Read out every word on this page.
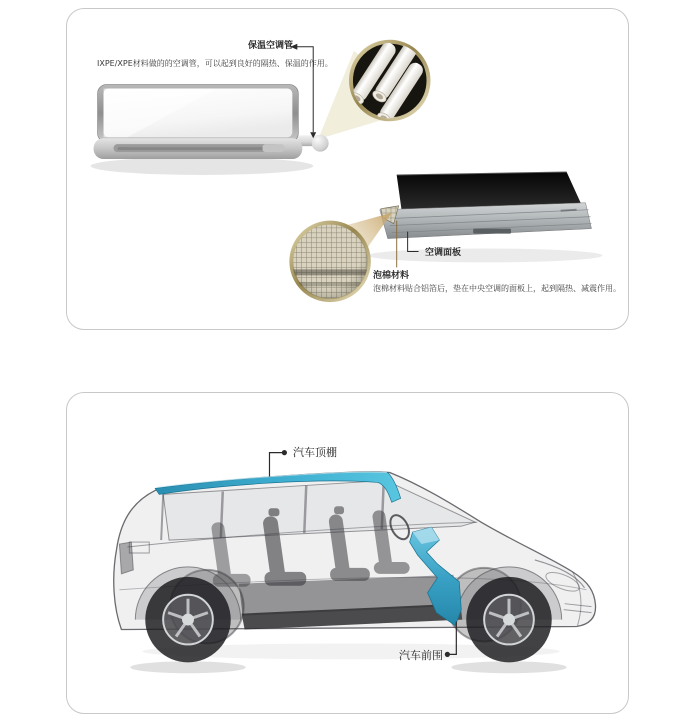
保温空调管
IXPE/XPE材料做的的空调管，可以起到良好的隔热、保温的作用。
空调面板
泡棉材料
泡棉材料贴合铝箔后，垫在中央空调的面板上，起到隔热、减震作用。
汽车顶棚
汽车前围
